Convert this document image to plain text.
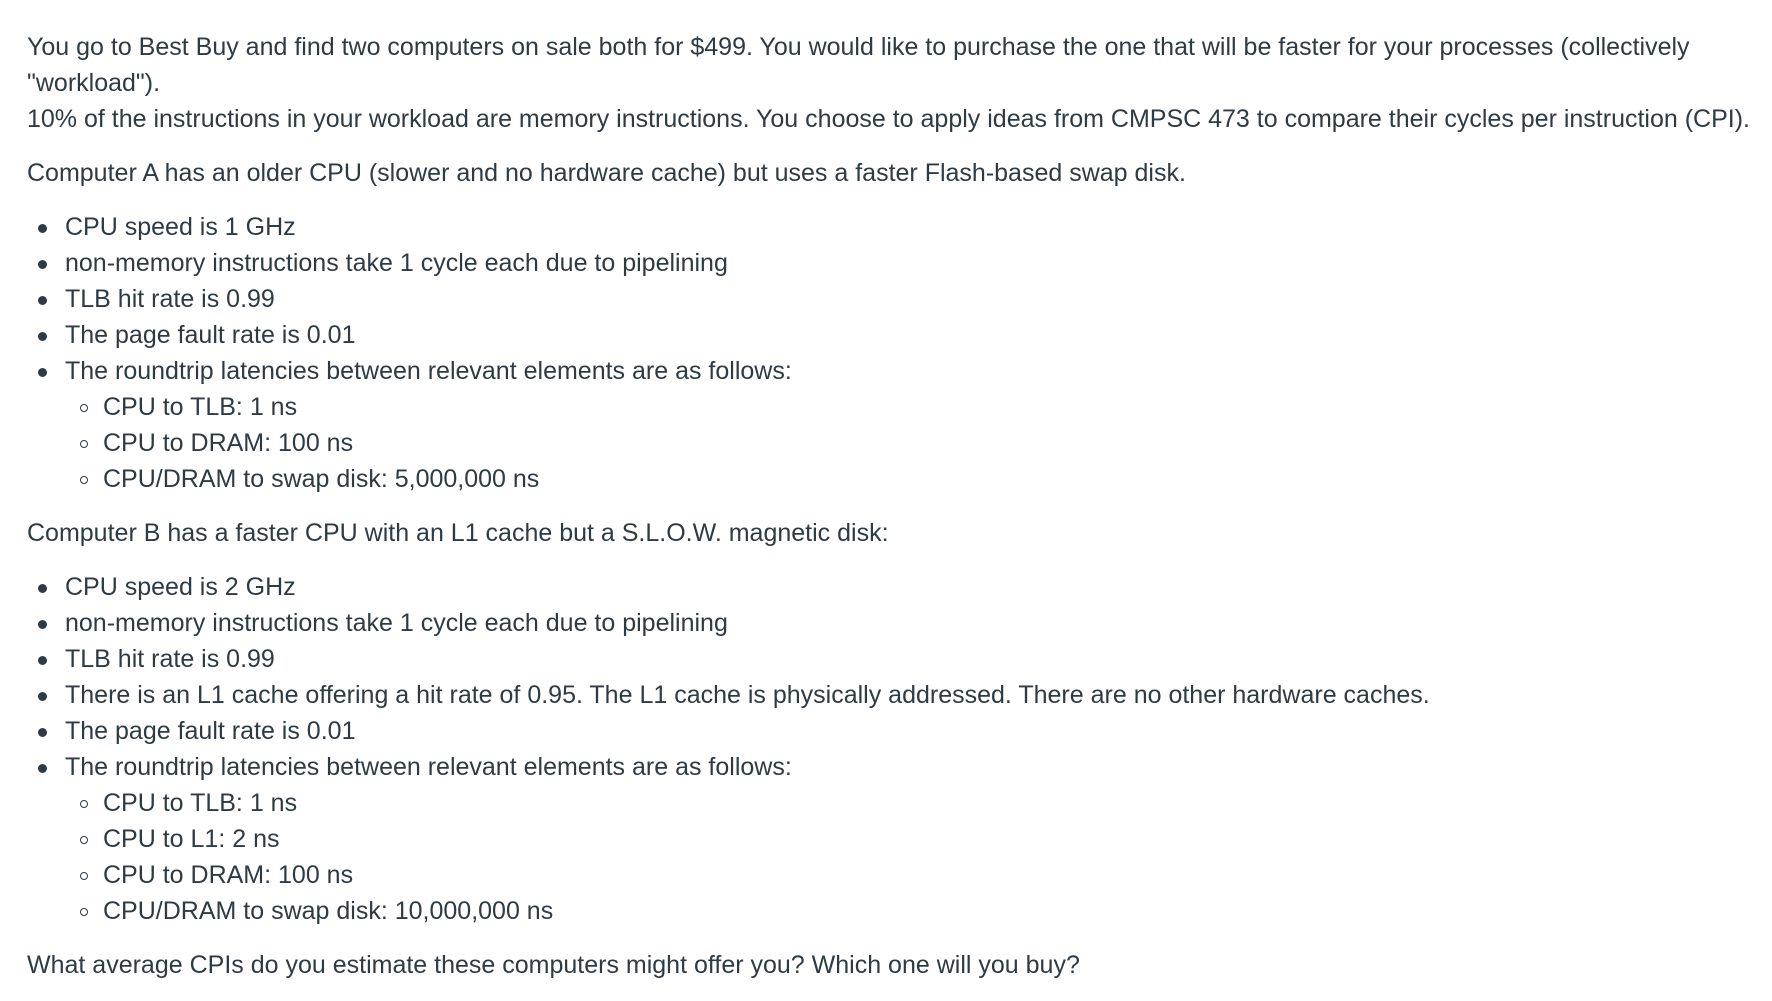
You go to Best Buy and find two computers on sale both for $499. You would like to purchase the one that will be faster for your processes (collectively "workload").
10% of the instructions in your workload are memory instructions. You choose to apply ideas from CMPSC 473 to compare their cycles per instruction (CPI).

Computer A has an older CPU (slower and no hardware cache) but uses a faster Flash-based swap disk.

CPU speed is 1 GHz
non-memory instructions take 1 cycle each due to pipelining
TLB hit rate is 0.99
The page fault rate is 0.01
The roundtrip latencies between relevant elements are as follows:
CPU to TLB: 1 ns
CPU to DRAM: 100 ns
CPU/DRAM to swap disk: 5,000,000 ns

Computer B has a faster CPU with an L1 cache but a S.L.O.W. magnetic disk:

CPU speed is 2 GHz
non-memory instructions take 1 cycle each due to pipelining
TLB hit rate is 0.99
There is an L1 cache offering a hit rate of 0.95. The L1 cache is physically addressed. There are no other hardware caches.
The page fault rate is 0.01
The roundtrip latencies between relevant elements are as follows:
CPU to TLB: 1 ns
CPU to L1: 2 ns
CPU to DRAM: 100 ns
CPU/DRAM to swap disk: 10,000,000 ns

What average CPIs do you estimate these computers might offer you? Which one will you buy?
